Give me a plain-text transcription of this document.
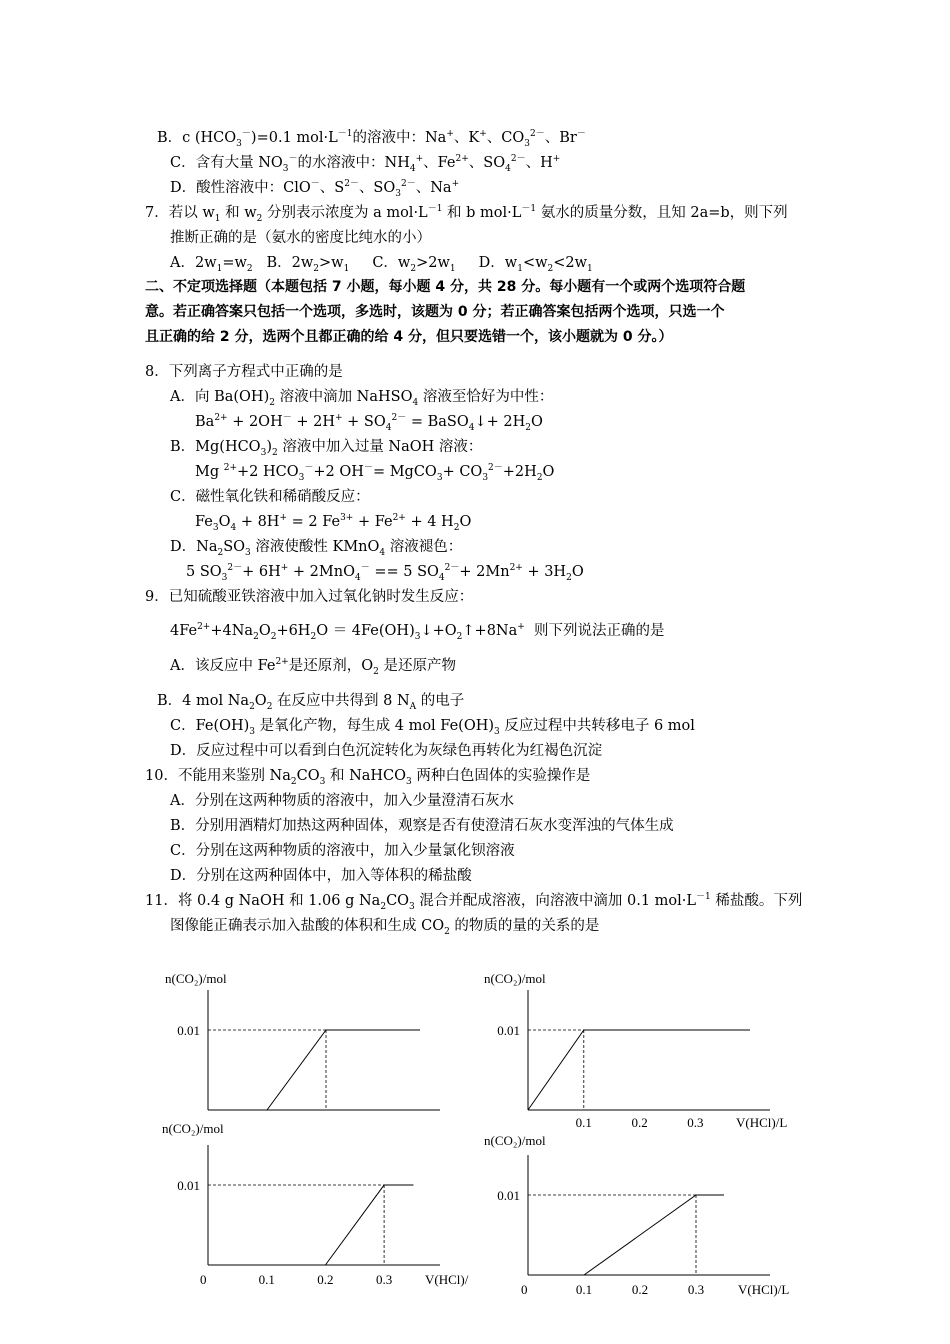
B．c $(HCO_3^-)=0.1$ $mol\cdot L^{-1}$的溶液中：Na+、K+、$CO_3^{2-}$、Br－
C．含有大量 $NO_3^-$的水溶液中：$NH_4^+$、$Fe^{2+}$、$SO_4^{2-}$、H+
D．酸性溶液中：ClO－、$S^{2-}$、$SO_3^{2-}$、Na+
7．若以 $w_1$ 和 $w_2$ 分别表示浓度为 a $mol\cdot L^{-1}$ 和 b $mol\cdot L^{-1}$ 氨水的质量分数，且知 2a=b，则下列
推断正确的是（氨水的密度比纯水的小）
A．$2w_1=w_2$   B．$2w_2>w_1$     C．$w_2>2w_1$     D．$w_1<w_2<2w_1$
二、不定项选择题（本题包括 7 小题，每小题 4 分，共 28 分。每小题有一个或两个选项符合题
意。若正确答案只包括一个选项，多选时，该题为 0 分；若正确答案包括两个选项，只选一个
且正确的给 2 分，选两个且都正确的给 4 分，但只要选错一个，该小题就为 0 分。）
8．下列离子方程式中正确的是
A．向 $Ba(OH)_2$ 溶液中滴加 NaHSO$_4$ 溶液至恰好为中性：
$Ba^{2+} + 2OH^- + 2H^+ + SO_4^{2-}$ = BaSO$_4$↓+ $2H_2O$
B．$Mg(HCO_3)_2$ 溶液中加入过量 NaOH 溶液：
Mg $^{2+}$+2 $HCO_3^-+2$ OH－= MgCO$_3$+ $CO_3^{2-}+2H_2O$
C．磁性氧化铁和稀硝酸反应：
$Fe_3O_4 + 8H^+ = 2$ $Fe^{3+} + Fe^{2+} + 4$ $H_2O$
D．$Na_2SO_3$ 溶液使酸性 KMnO$_4$ 溶液褪色：
5 $SO_3^{2-}+ 6H^+ + 2MnO_4^- == 5$ $SO_4^{2-}+ 2Mn^{2+} + 3H_2O$
9．已知硫酸亚铁溶液中加入过氧化钠时发生反应：
$4Fe^{2+}+4Na_2O_2+6H_2O$ ＝ $4Fe(OH)_3↓+O_2↑+8Na^+$  则下列说法正确的是
A．该反应中 $Fe^{2+}$是还原剂，$O_2$ 是还原产物
B．4 mol $Na_2O_2$ 在反应中共得到 8 $N_A$ 的电子
C．$Fe(OH)_3$ 是氧化产物，每生成 4 mol $Fe(OH)_3$ 反应过程中共转移电子 6 mol
D．反应过程中可以看到白色沉淀转化为灰绿色再转化为红褐色沉淀
10．不能用来鉴别 $Na_2CO_3$ 和 NaHCO$_3$ 两种白色固体的实验操作是
A．分别在这两种物质的溶液中，加入少量澄清石灰水
B．分别用酒精灯加热这两种固体，观察是否有使澄清石灰水变浑浊的气体生成
C．分别在这两种物质的溶液中，加入少量氯化钡溶液
D．分别在这两种固体中，加入等体积的稀盐酸
11．将 0.4 g NaOH 和 1.06 g $Na_2CO_3$ 混合并配成溶液，向溶液中滴加 0.1 $mol\cdot L^{-1}$ 稀盐酸。下列
图像能正确表示加入盐酸的体积和生成 $CO_2$ 的物质的量的关系的是
n(CO₂)/mol
0.01
n(CO₂)/mol
0.01
0.1	0.2	0.3 V(HCl)/L
n(CO₂)/mol
0.01
0.1	0.2	0.3
0	V(HCl)/
n(CO₂)/mol
0.01
0.1	0.2	0.3
0	V(HCl)/L
